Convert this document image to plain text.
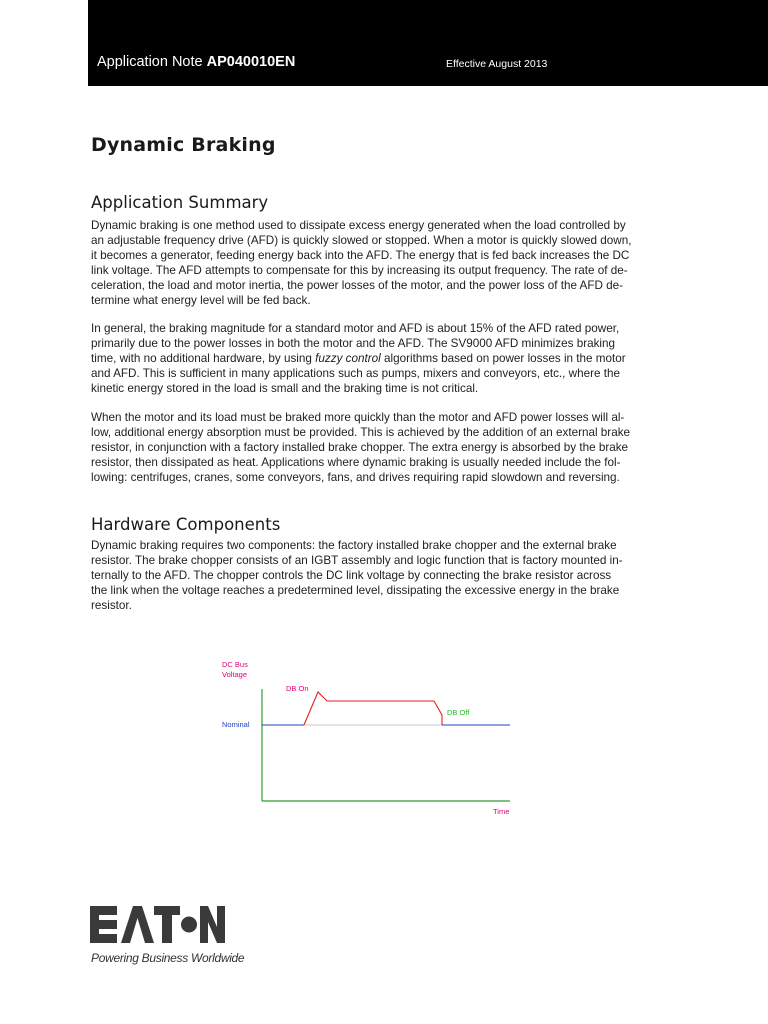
Application Note AP040010EN	Effective August 2013
Dynamic Braking
Application Summary
Dynamic braking is one method used to dissipate excess energy generated when the load controlled by
an adjustable frequency drive (AFD) is quickly slowed or stopped. When a motor is quickly slowed down,
it becomes a generator, feeding energy back into the AFD. The energy that is fed back increases the DC
link voltage. The AFD attempts to compensate for this by increasing its output frequency. The rate of de-
celeration, the load and motor inertia, the power losses of the motor, and the power loss of the AFD de-
termine what energy level will be fed back.
In general, the braking magnitude for a standard motor and AFD is about 15% of the AFD rated power,
primarily due to the power losses in both the motor and the AFD. The SV9000 AFD minimizes braking
time, with no additional hardware, by using fuzzy control algorithms based on power losses in the motor
and AFD. This is sufficient in many applications such as pumps, mixers and conveyors, etc., where the
kinetic energy stored in the load is small and the braking time is not critical.
When the motor and its load must be braked more quickly than the motor and AFD power losses will al-
low, additional energy absorption must be provided. This is achieved by the addition of an external brake
resistor, in conjunction with a factory installed brake chopper. The extra energy is absorbed by the brake
resistor, then dissipated as heat. Applications where dynamic braking is usually needed include the fol-
lowing: centrifuges, cranes, some conveyors, fans, and drives requiring rapid slowdown and reversing.
Hardware Components
Dynamic braking requires two components: the factory installed brake chopper and the external brake
resistor. The brake chopper consists of an IGBT assembly and logic function that is factory mounted in-
ternally to the AFD. The chopper controls the DC link voltage by connecting the brake resistor across
the link when the voltage reaches a predetermined level, dissipating the excessive energy in the brake
resistor.
DC Bus
Voltage
Nominal
DB On
DB Off
Time
Powering Business Worldwide
